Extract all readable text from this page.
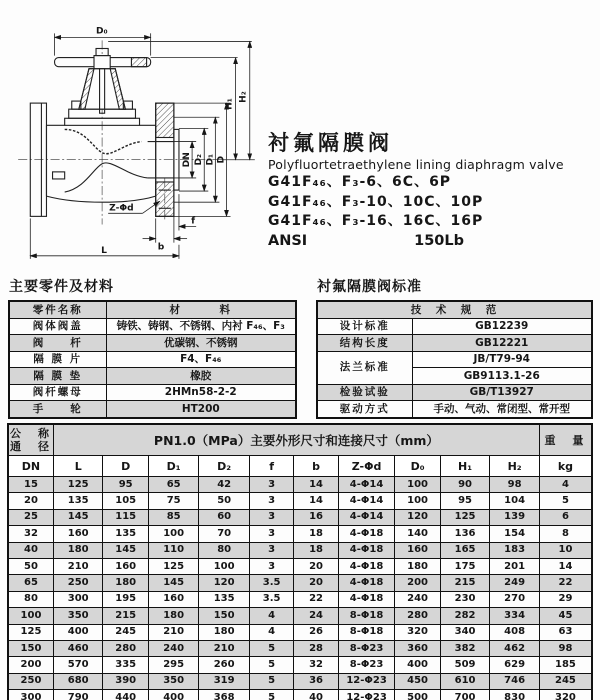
D₀
H₁
H₂
DN D₂ D₁ D
Z-Φd
f
b
L
衬氟隔膜阀
Polyfluortetraethylene lining diaphragm valve
G41F₄₆、F₃-6、6C、6P
G41F₄₆、F₃-10、10C、10P
G41F₄₆、F₃-16、16C、16P
ANSI	150Lb
主要零件及材料
零件名称	材　　　料
阀体阀盖	铸铁、铸钢、不锈钢、内衬 F₄₆、F₃
阀　　杆	优碳钢、不锈钢
隔 膜 片	F4、F₄₆
隔 膜 垫	橡胶
阀杆螺母	2HMn58-2-2
手　　轮	HT200
衬氟隔膜阀标准
技　术　规　范	
设计标准	GB12239
结构长度	GB12221
法兰标准	JB/T79-94
	GB9113.1-26
检验试验	GB/T13927
驱动方式	手动、气动、常闭型、常开型
公　称
通　径	PN1.0（MPa）主要外形尺寸和连接尺寸（mm）										重　量

DN	L	D	D₁	D₂	f	b	Z-Φd	D₀	H₁	H₂	kg
15	125	95	65	42	3	14	4-Φ14	100	90	98	4
20	135	105	75	50	3	14	4-Φ14	100	95	104	5
25	145	115	85	60	3	16	4-Φ14	120	125	139	6
32	160	135	100	70	3	18	4-Φ18	140	136	154	8
40	180	145	110	80	3	18	4-Φ18	160	165	183	10
50	210	160	125	100	3	20	4-Φ18	180	175	201	14
65	250	180	145	120	3.5	20	4-Φ18	200	215	249	22
80	300	195	160	135	3.5	22	4-Φ18	240	230	270	29
100	350	215	180	150	4	24	8-Φ18	280	282	334	45
125	400	245	210	180	4	26	8-Φ18	320	340	408	63
150	460	280	240	210	5	28	8-Φ23	360	382	462	98
200	570	335	295	260	5	32	8-Φ23	400	509	629	185
250	680	390	350	319	5	36	12-Φ23	450	610	746	245
300	790	440	400	368	5	40	12-Φ23	500	700	830	320
